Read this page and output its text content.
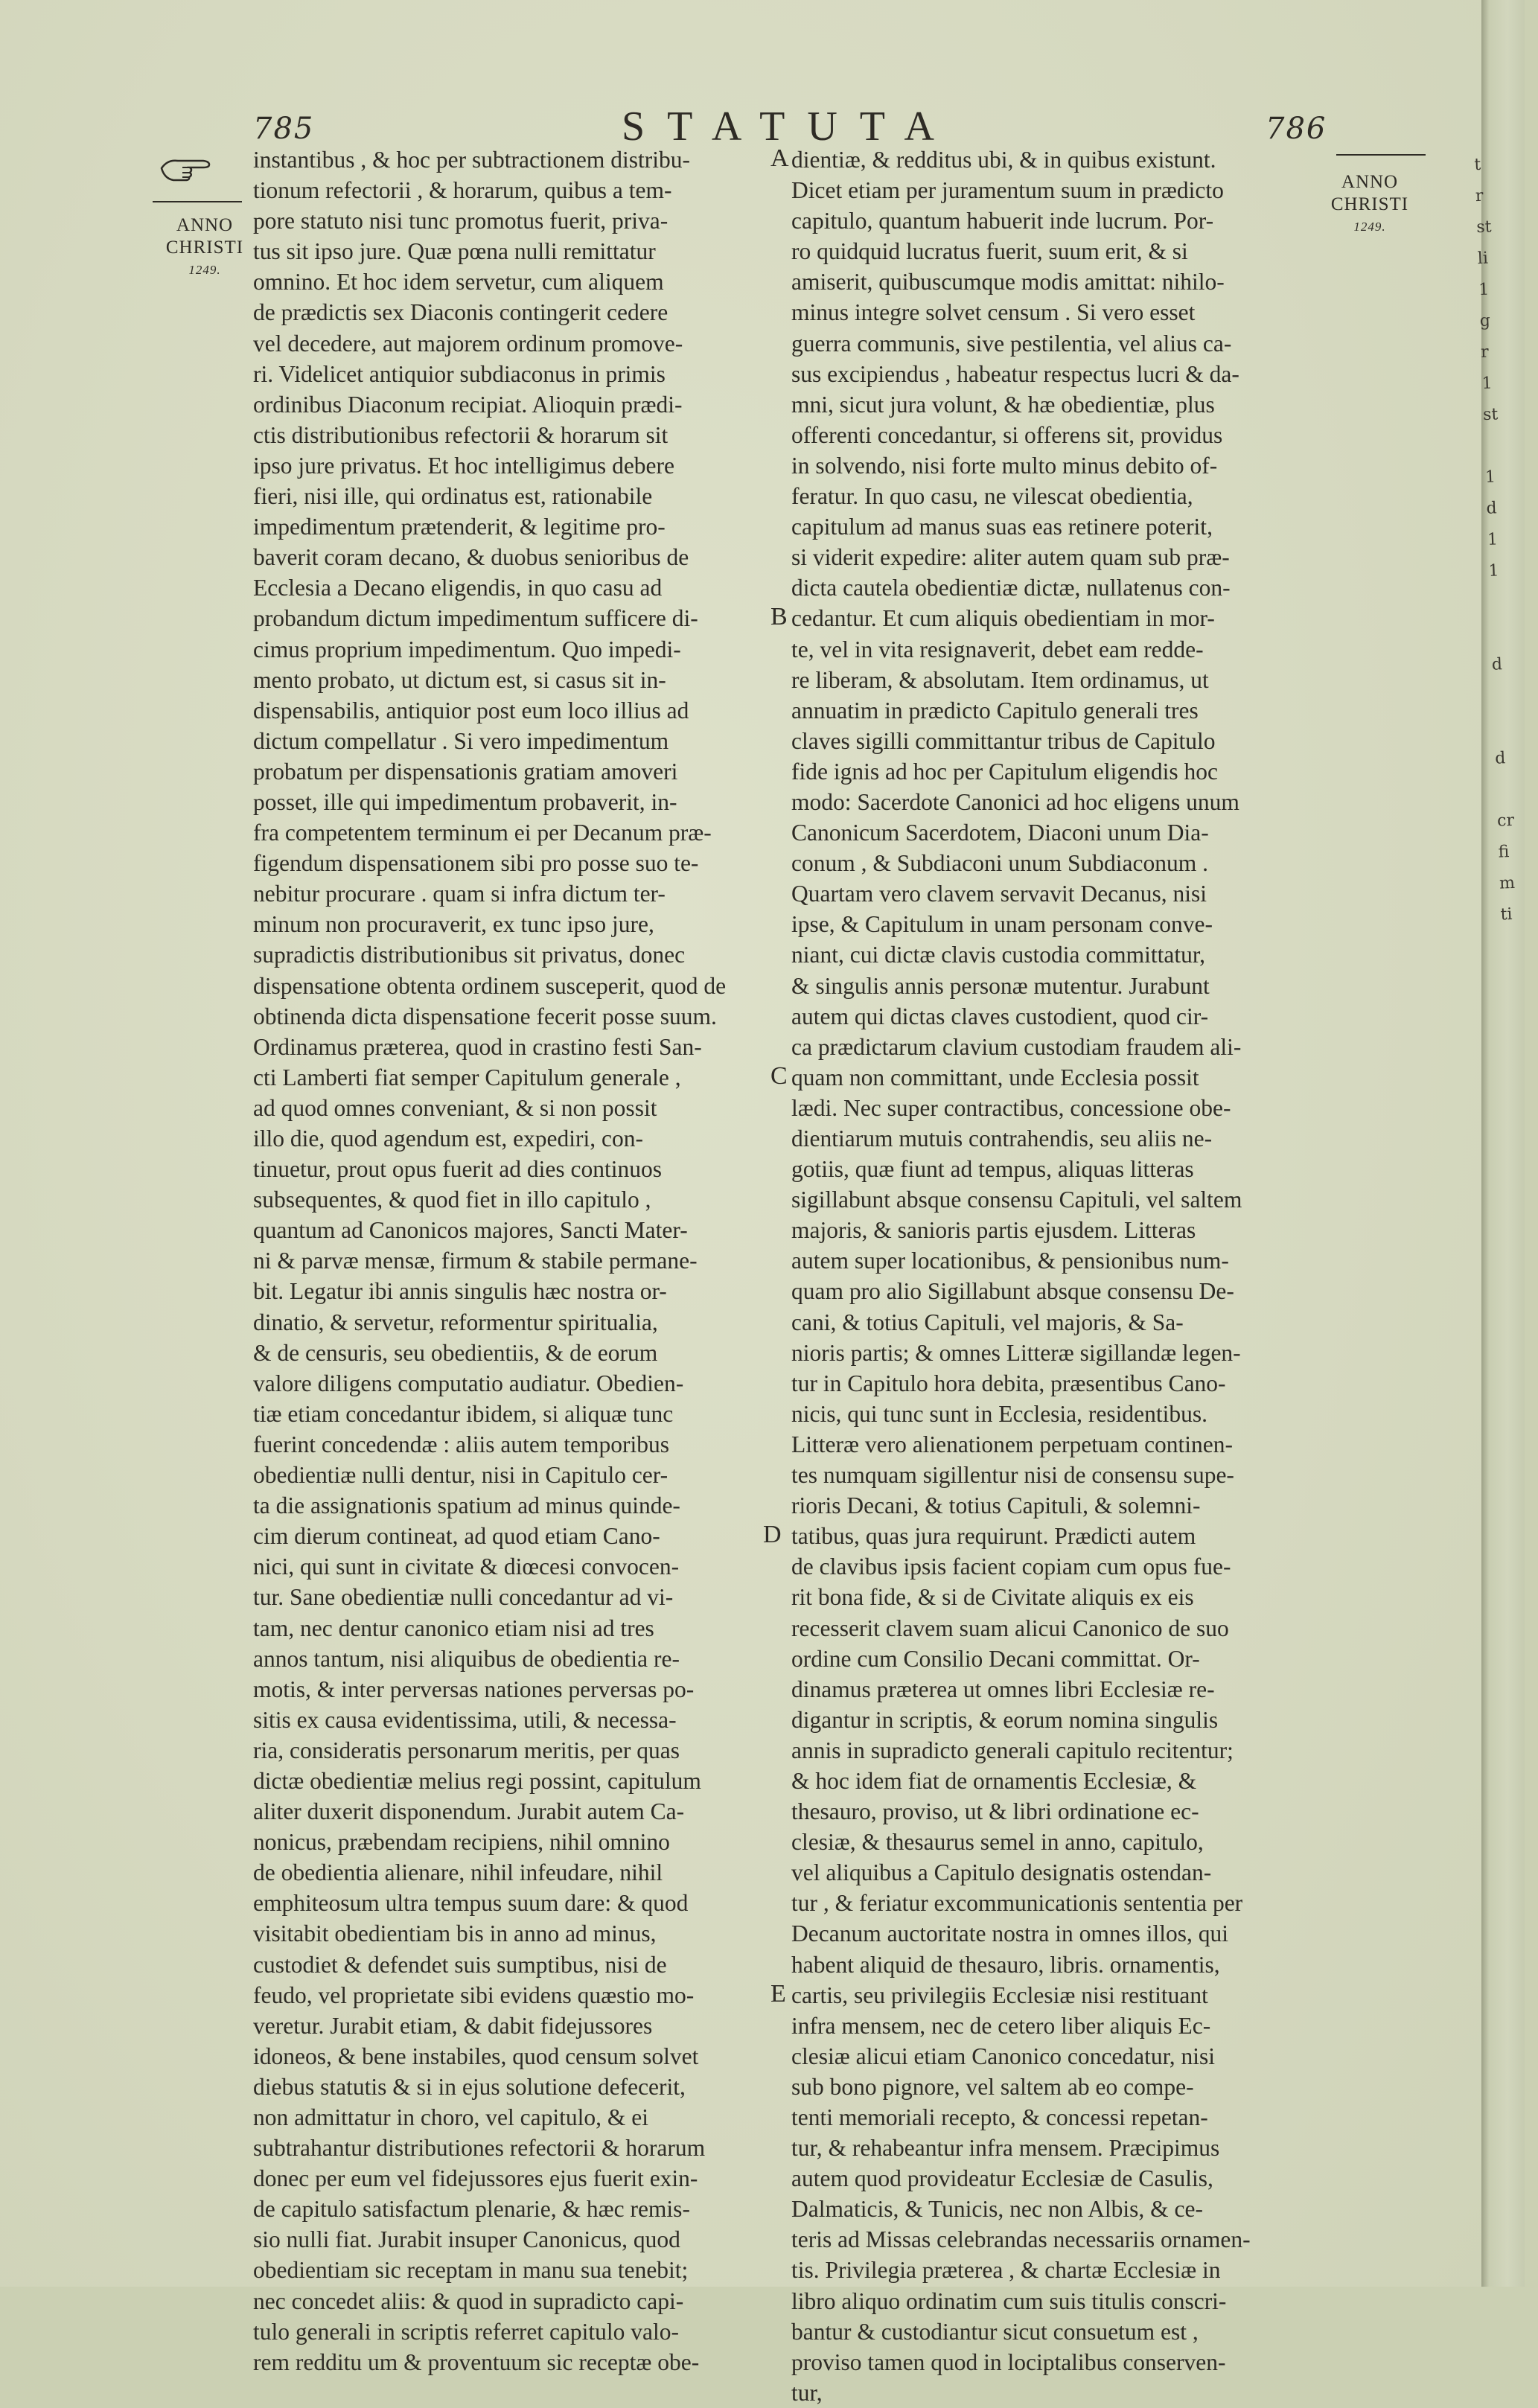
785	STATUTA	786
ANNO
CHRISTI
1249.
ANNO
CHRISTI
1249.
A
B
C
D
E
instantibus , & hoc per subtractionem distribu-
tionum refectorii , & horarum, quibus a tem-
pore statuto nisi tunc promotus fuerit, priva-
tus sit ipso jure. Quæ pœna nulli remittatur
omnino. Et hoc idem servetur, cum aliquem
de prædictis sex Diaconis contingerit cedere
vel decedere, aut majorem ordinum promove-
ri. Videlicet antiquior subdiaconus in primis
ordinibus Diaconum recipiat. Alioquin prædi-
ctis distributionibus refectorii & horarum sit
ipso jure privatus. Et hoc intelligimus debere
fieri, nisi ille, qui ordinatus est, rationabile
impedimentum prætenderit, & legitime pro-
baverit coram decano, & duobus senioribus de
Ecclesia a Decano eligendis, in quo casu ad
probandum dictum impedimentum sufficere di-
cimus proprium impedimentum. Quo impedi-
mento probato, ut dictum est, si casus sit in-
dispensabilis, antiquior post eum loco illius ad
dictum compellatur . Si vero impedimentum
probatum per dispensationis gratiam amoveri
posset, ille qui impedimentum probaverit, in-
fra competentem terminum ei per Decanum præ-
figendum dispensationem sibi pro posse suo te-
nebitur procurare . quam si infra dictum ter-
minum non procuraverit, ex tunc ipso jure,
supradictis distributionibus sit privatus, donec
dispensatione obtenta ordinem susceperit, quod de
obtinenda dicta dispensatione fecerit posse suum.
Ordinamus præterea, quod in crastino festi San-
cti Lamberti fiat semper Capitulum generale ,
ad quod omnes conveniant, & si non possit
illo die, quod agendum est, expediri, con-
tinuetur, prout opus fuerit ad dies continuos
subsequentes, & quod fiet in illo capitulo ,
quantum ad Canonicos majores, Sancti Mater-
ni & parvæ mensæ, firmum & stabile permane-
bit. Legatur ibi annis singulis hæc nostra or-
dinatio, & servetur, reformentur spiritualia,
& de censuris, seu obedientiis, & de eorum
valore diligens computatio audiatur. Obedien-
tiæ etiam concedantur ibidem, si aliquæ tunc
fuerint concedendæ : aliis autem temporibus
obedientiæ nulli dentur, nisi in Capitulo cer-
ta die assignationis spatium ad minus quinde-
cim dierum contineat, ad quod etiam Cano-
nici, qui sunt in civitate & diœcesi convocen-
tur. Sane obedientiæ nulli concedantur ad vi-
tam, nec dentur canonico etiam nisi ad tres
annos tantum, nisi aliquibus de obedientia re-
motis, & inter perversas nationes perversas po-
sitis ex causa evidentissima, utili, & necessa-
ria, consideratis personarum meritis, per quas
dictæ obedientiæ melius regi possint, capitulum
aliter duxerit disponendum. Jurabit autem Ca-
nonicus, præbendam recipiens, nihil omnino
de obedientia alienare, nihil infeudare, nihil
emphiteosum ultra tempus suum dare: & quod
visitabit obedientiam bis in anno ad minus,
custodiet & defendet suis sumptibus, nisi de
feudo, vel proprietate sibi evidens quæstio mo-
veretur. Jurabit etiam, & dabit fidejussores
idoneos, & bene instabiles, quod censum solvet
diebus statutis & si in ejus solutione defecerit,
non admittatur in choro, vel capitulo, & ei
subtrahantur distributiones refectorii & horarum
donec per eum vel fidejussores ejus fuerit exin-
de capitulo satisfactum plenarie, & hæc remis-
sio nulli fiat. Jurabit insuper Canonicus, quod
obedientiam sic receptam in manu sua tenebit;
nec concedet aliis: & quod in supradicto capi-
tulo generali in scriptis referret capitulo valo-
rem redditu um & proventuum sic receptæ obe-
dientiæ, & redditus ubi, & in quibus existunt.
Dicet etiam per juramentum suum in prædicto
capitulo, quantum habuerit inde lucrum. Por-
ro quidquid lucratus fuerit, suum erit, & si
amiserit, quibuscumque modis amittat: nihilo-
minus integre solvet censum . Si vero esset
guerra communis, sive pestilentia, vel alius ca-
sus excipiendus , habeatur respectus lucri & da-
mni, sicut jura volunt, & hæ obedientiæ, plus
offerenti concedantur, si offerens sit, providus
in solvendo, nisi forte multo minus debito of-
feratur. In quo casu, ne vilescat obedientia,
capitulum ad manus suas eas retinere poterit,
si viderit expedire: aliter autem quam sub præ-
dicta cautela obedientiæ dictæ, nullatenus con-
cedantur. Et cum aliquis obedientiam in mor-
te, vel in vita resignaverit, debet eam redde-
re liberam, & absolutam. Item ordinamus, ut
annuatim in prædicto Capitulo generali tres
claves sigilli committantur tribus de Capitulo
fide ignis ad hoc per Capitulum eligendis hoc
modo: Sacerdote Canonici ad hoc eligens unum
Canonicum Sacerdotem, Diaconi unum Dia-
conum , & Subdiaconi unum Subdiaconum .
Quartam vero clavem servavit Decanus, nisi
ipse, & Capitulum in unam personam conve-
niant, cui dictæ clavis custodia committatur,
& singulis annis personæ mutentur. Jurabunt
autem qui dictas claves custodient, quod cir-
ca prædictarum clavium custodiam fraudem ali-
quam non committant, unde Ecclesia possit
lædi. Nec super contractibus, concessione obe-
dientiarum mutuis contrahendis, seu aliis ne-
gotiis, quæ fiunt ad tempus, aliquas litteras
sigillabunt absque consensu Capituli, vel saltem
majoris, & sanioris partis ejusdem. Litteras
autem super locationibus, & pensionibus num-
quam pro alio Sigillabunt absque consensu De-
cani, & totius Capituli, vel majoris, & Sa-
nioris partis; & omnes Litteræ sigillandæ legen-
tur in Capitulo hora debita, præsentibus Cano-
nicis, qui tunc sunt in Ecclesia, residentibus.
Litteræ vero alienationem perpetuam continen-
tes numquam sigillentur nisi de consensu supe-
rioris Decani, & totius Capituli, & solemni-
tatibus, quas jura requirunt. Prædicti autem
de clavibus ipsis facient copiam cum opus fue-
rit bona fide, & si de Civitate aliquis ex eis
recesserit clavem suam alicui Canonico de suo
ordine cum Consilio Decani committat. Or-
dinamus præterea ut omnes libri Ecclesiæ re-
digantur in scriptis, & eorum nomina singulis
annis in supradicto generali capitulo recitentur;
& hoc idem fiat de ornamentis Ecclesiæ, &
thesauro, proviso, ut & libri ordinatione ec-
clesiæ, & thesaurus semel in anno, capitulo,
vel aliquibus a Capitulo designatis ostendan-
tur , & feriatur excommunicationis sententia per
Decanum auctoritate nostra in omnes illos, qui
habent aliquid de thesauro, libris. ornamentis,
cartis, seu privilegiis Ecclesiæ nisi restituant
infra mensem, nec de cetero liber aliquis Ec-
clesiæ alicui etiam Canonico concedatur, nisi
sub bono pignore, vel saltem ab eo compe-
tenti memoriali recepto, & concessi repetan-
tur, & rehabeantur infra mensem. Præcipimus
autem quod provideatur Ecclesiæ de Casulis,
Dalmaticis, & Tunicis, nec non Albis, & ce-
teris ad Missas celebrandas necessariis ornamen-
tis. Privilegia præterea , & chartæ Ecclesiæ in
libro aliquo ordinatim cum suis titulis conscri-
bantur & custodiantur sicut consuetum est ,
proviso tamen quod in lociptalibus conserven-
tur,
t
r
st
li
1
g
r
1
st

1
d
1
1

d

d

cr
fi
m
ti
